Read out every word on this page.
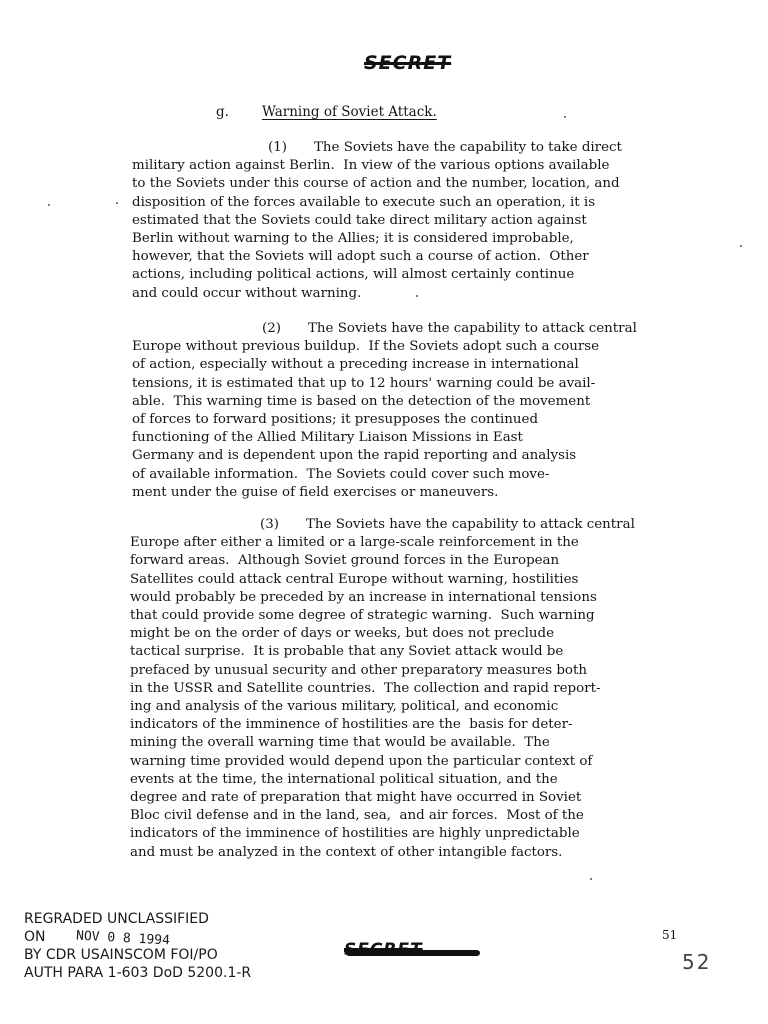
SECRET
g. Warning of Soviet Attack.
(1) The Soviets have the capability to take direct
military action against Berlin.  In view of the various options available
to the Soviets under this course of action and the number, location, and
disposition of the forces available to execute such an operation, it is
estimated that the Soviets could take direct military action against
Berlin without warning to the Allies; it is considered improbable,
however, that the Soviets will adopt such a course of action.  Other
actions, including political actions, will almost certainly continue
and could occur without warning.
(2) The Soviets have the capability to attack central
Europe without previous buildup.  If the Soviets adopt such a course
of action, especially without a preceding increase in international
tensions, it is estimated that up to 12 hours' warning could be avail-
able.  This warning time is based on the detection of the movement
of forces to forward positions; it presupposes the continued
functioning of the Allied Military Liaison Missions in East
Germany and is dependent upon the rapid reporting and analysis
of available information.  The Soviets could cover such move-
ment under the guise of field exercises or maneuvers.
(3) The Soviets have the capability to attack central
Europe after either a limited or a large-scale reinforcement in the
forward areas.  Although Soviet ground forces in the European
Satellites could attack central Europe without warning, hostilities
would probably be preceded by an increase in international tensions
that could provide some degree of strategic warning.  Such warning
might be on the order of days or weeks, but does not preclude
tactical surprise.  It is probable that any Soviet attack would be
prefaced by unusual security and other preparatory measures both
in the USSR and Satellite countries.  The collection and rapid report-
ing and analysis of the various military, political, and economic
indicators of the imminence of hostilities are the  basis for deter-
mining the overall warning time that would be available.  The
warning time provided would depend upon the particular context of
events at the time, the international political situation, and the
degree and rate of preparation that might have occurred in Soviet
Bloc civil defense and in the land, sea,  and air forces.  Most of the
indicators of the imminence of hostilities are highly unpredictable
and must be analyzed in the context of other intangible factors.
REGRADED UNCLASSIFIED
ON
BY CDR USAINSCOM FOI/PO
AUTH PARA 1-603 DoD 5200.1-R
NOV 0 8 1994
SECRET
51
52
